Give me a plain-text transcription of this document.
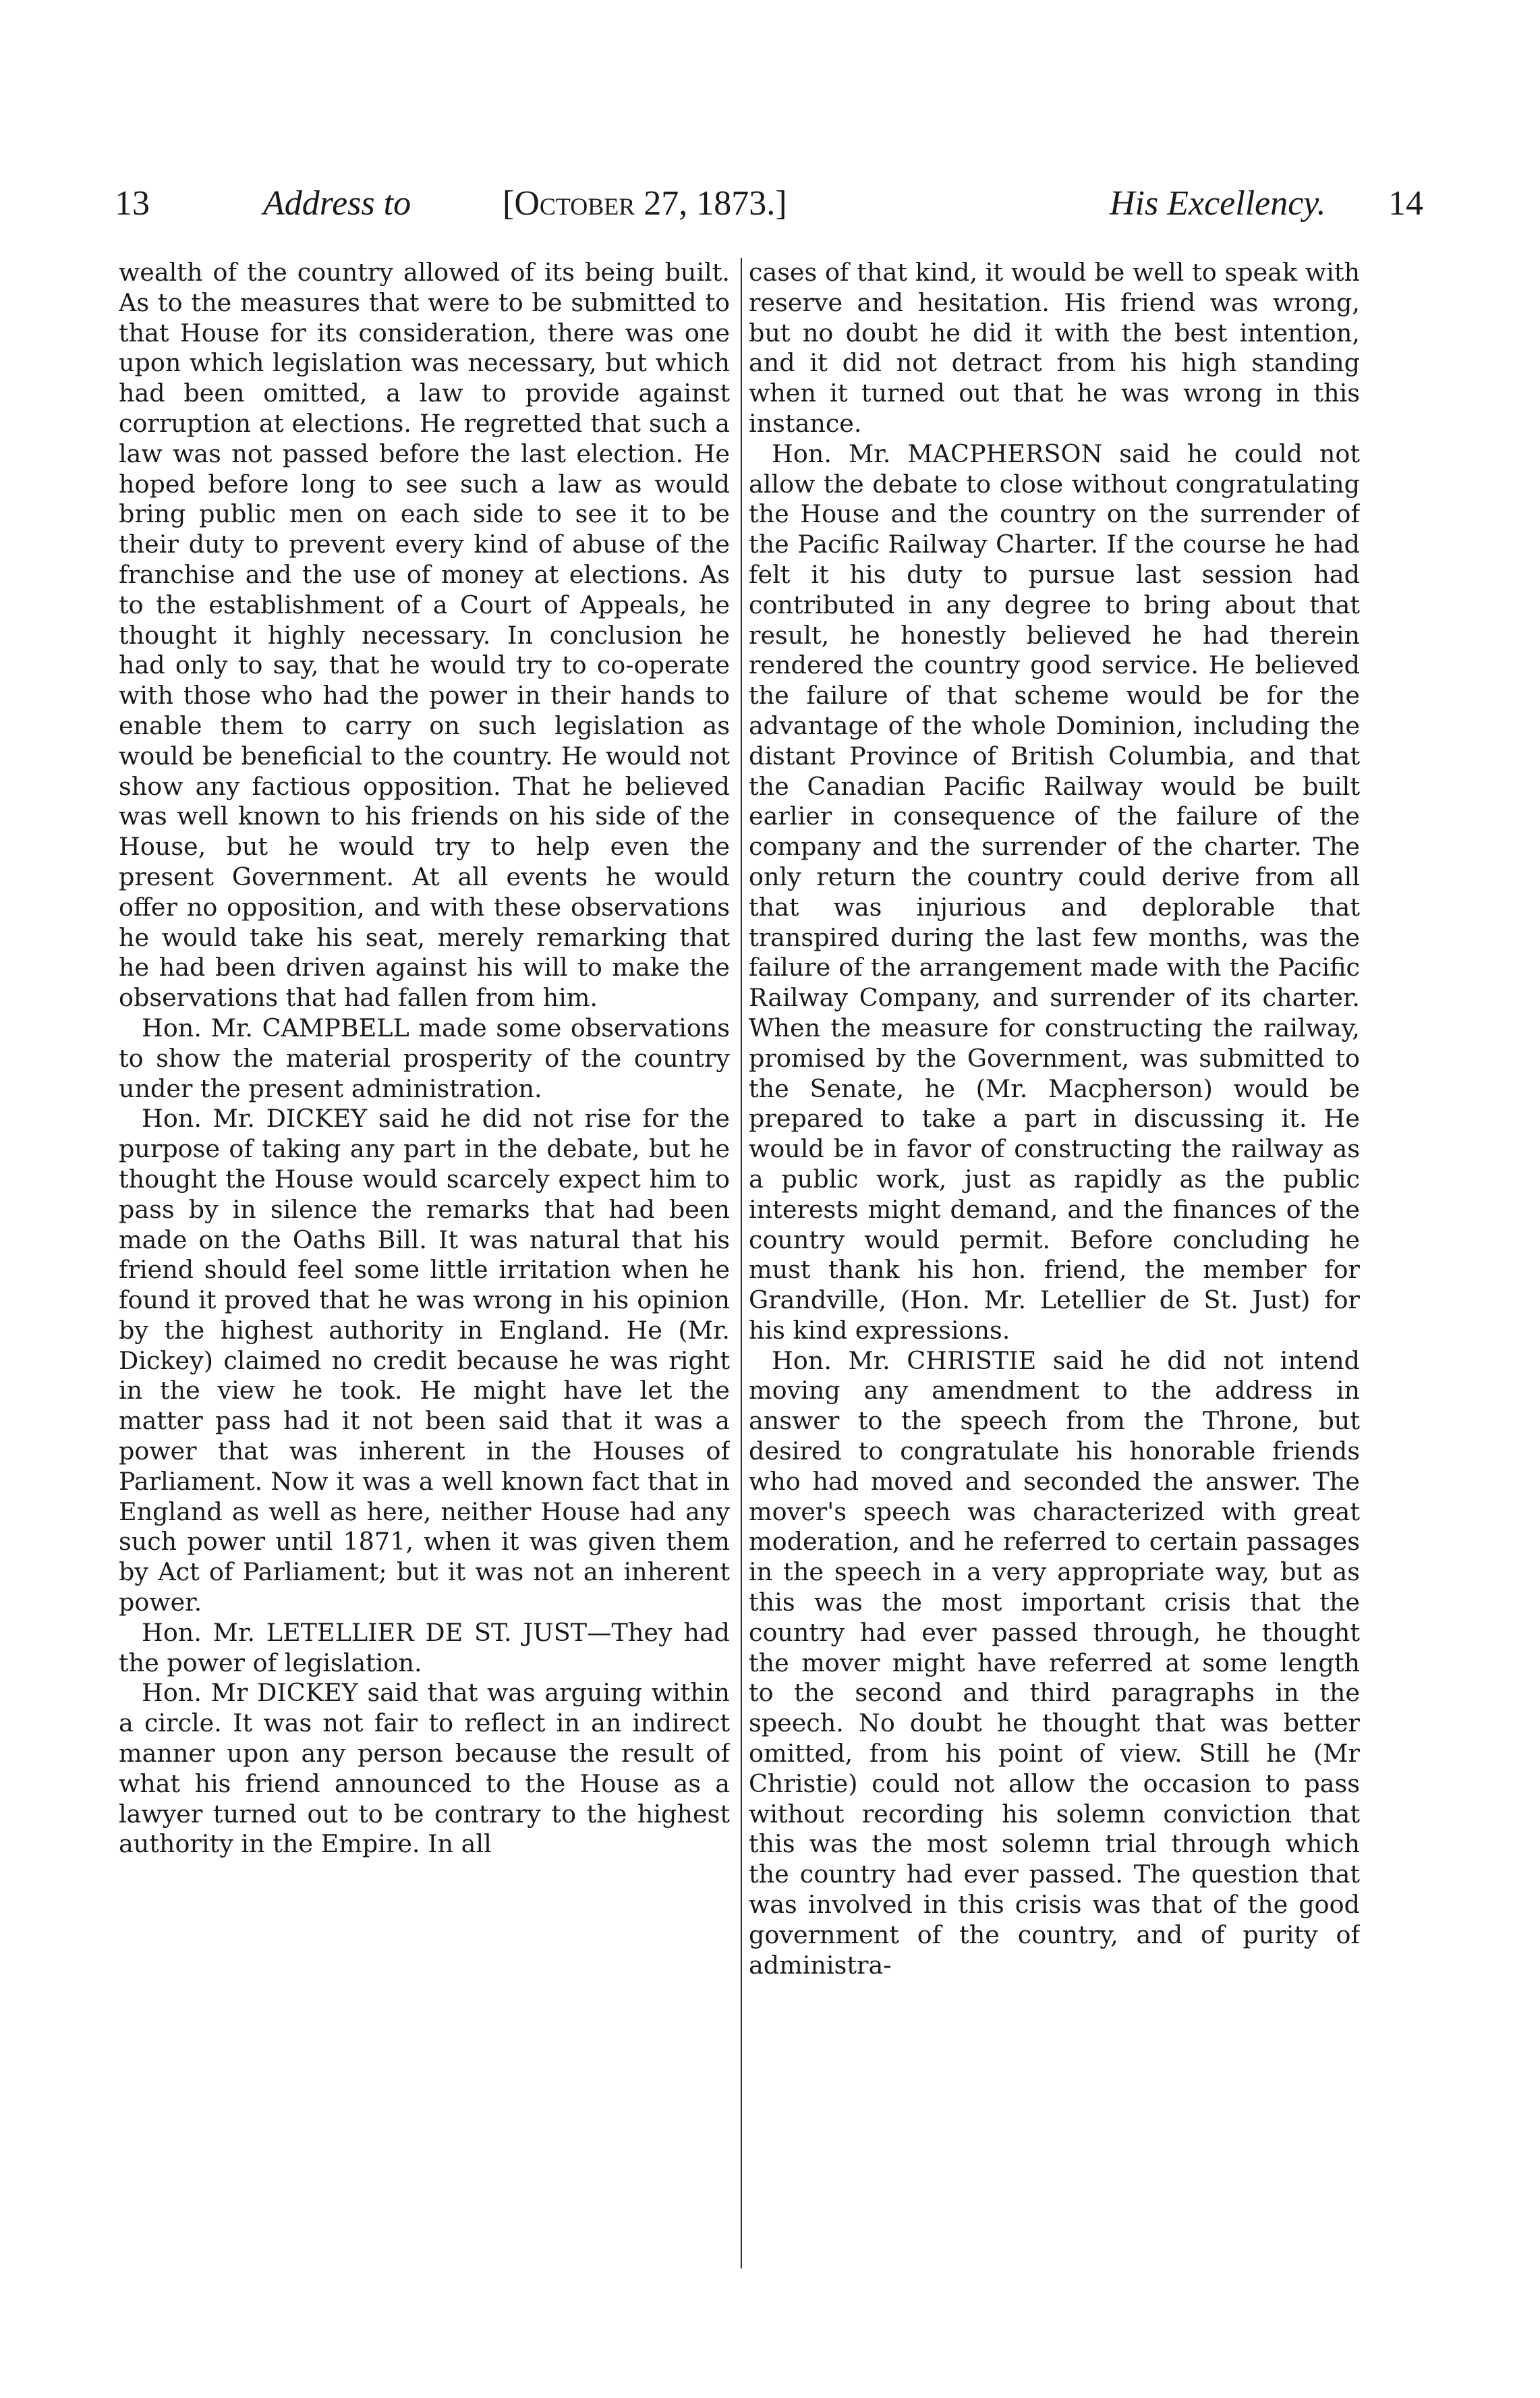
13	Address to	[October 27, 1873.]	His Excellency. 14

wealth of the country allowed of its being built. As to the measures that were to be submitted to that House for its consideration, there was one upon which legislation was necessary, but which had been omitted, a law to provide against corruption at elections. He regretted that such a law was not passed before the last election. He hoped before long to see such a law as would bring public men on each side to see it to be their duty to prevent every kind of abuse of the franchise and the use of money at elections. As to the establishment of a Court of Appeals, he thought it highly necessary. In conclusion he had only to say, that he would try to co-operate with those who had the power in their hands to enable them to carry on such legislation as would be beneficial to the country. He would not show any factious opposition. That he believed was well known to his friends on his side of the House, but he would try to help even the present Government. At all events he would offer no opposition, and with these observations he would take his seat, merely remarking that he had been driven against his will to make the observations that had fallen from him.

Hon. Mr. CAMPBELL made some observations to show the material prosperity of the country under the present administration.

Hon. Mr. DICKEY said he did not rise for the purpose of taking any part in the debate, but he thought the House would scarcely expect him to pass by in silence the remarks that had been made on the Oaths Bill. It was natural that his friend should feel some little irritation when he found it proved that he was wrong in his opinion by the highest authority in England. He (Mr. Dickey) claimed no credit because he was right in the view he took. He might have let the matter pass had it not been said that it was a power that was inherent in the Houses of Parliament. Now it was a well known fact that in England as well as here, neither House had any such power until 1871, when it was given them by Act of Parliament; but it was not an inherent power.

Hon. Mr. LETELLIER DE ST. JUST—They had the power of legislation.

Hon. Mr DICKEY said that was arguing within a circle. It was not fair to reflect in an indirect manner upon any person because the result of what his friend announced to the House as a lawyer turned out to be contrary to the highest authority in the Empire. In all

cases of that kind, it would be well to speak with reserve and hesitation. His friend was wrong, but no doubt he did it with the best intention, and it did not detract from his high standing when it turned out that he was wrong in this instance.

Hon. Mr. MACPHERSON said he could not allow the debate to close without congratulating the House and the country on the surrender of the Pacific Railway Charter. If the course he had felt it his duty to pursue last session had contributed in any degree to bring about that result, he honestly believed he had therein rendered the country good service. He believed the failure of that scheme would be for the advantage of the whole Dominion, including the distant Province of British Columbia, and that the Canadian Pacific Railway would be built earlier in consequence of the failure of the company and the surrender of the charter. The only return the country could derive from all that was injurious and deplorable that transpired during the last few months, was the failure of the arrangement made with the Pacific Railway Company, and surrender of its charter. When the measure for constructing the railway, promised by the Government, was submitted to the Senate, he (Mr. Macpherson) would be prepared to take a part in discussing it. He would be in favor of constructing the railway as a public work, just as rapidly as the public interests might demand, and the finances of the country would permit. Before concluding he must thank his hon. friend, the member for Grandville, (Hon. Mr. Letellier de St. Just) for his kind expressions.

Hon. Mr. CHRISTIE said he did not intend moving any amendment to the address in answer to the speech from the Throne, but desired to congratulate his honorable friends who had moved and seconded the answer. The mover's speech was characterized with great moderation, and he referred to certain passages in the speech in a very appropriate way, but as this was the most important crisis that the country had ever passed through, he thought the mover might have referred at some length to the second and third paragraphs in the speech. No doubt he thought that was better omitted, from his point of view. Still he (Mr Christie) could not allow the occasion to pass without recording his solemn conviction that this was the most solemn trial through which the country had ever passed. The question that was involved in this crisis was that of the good government of the country, and of purity of administra-
